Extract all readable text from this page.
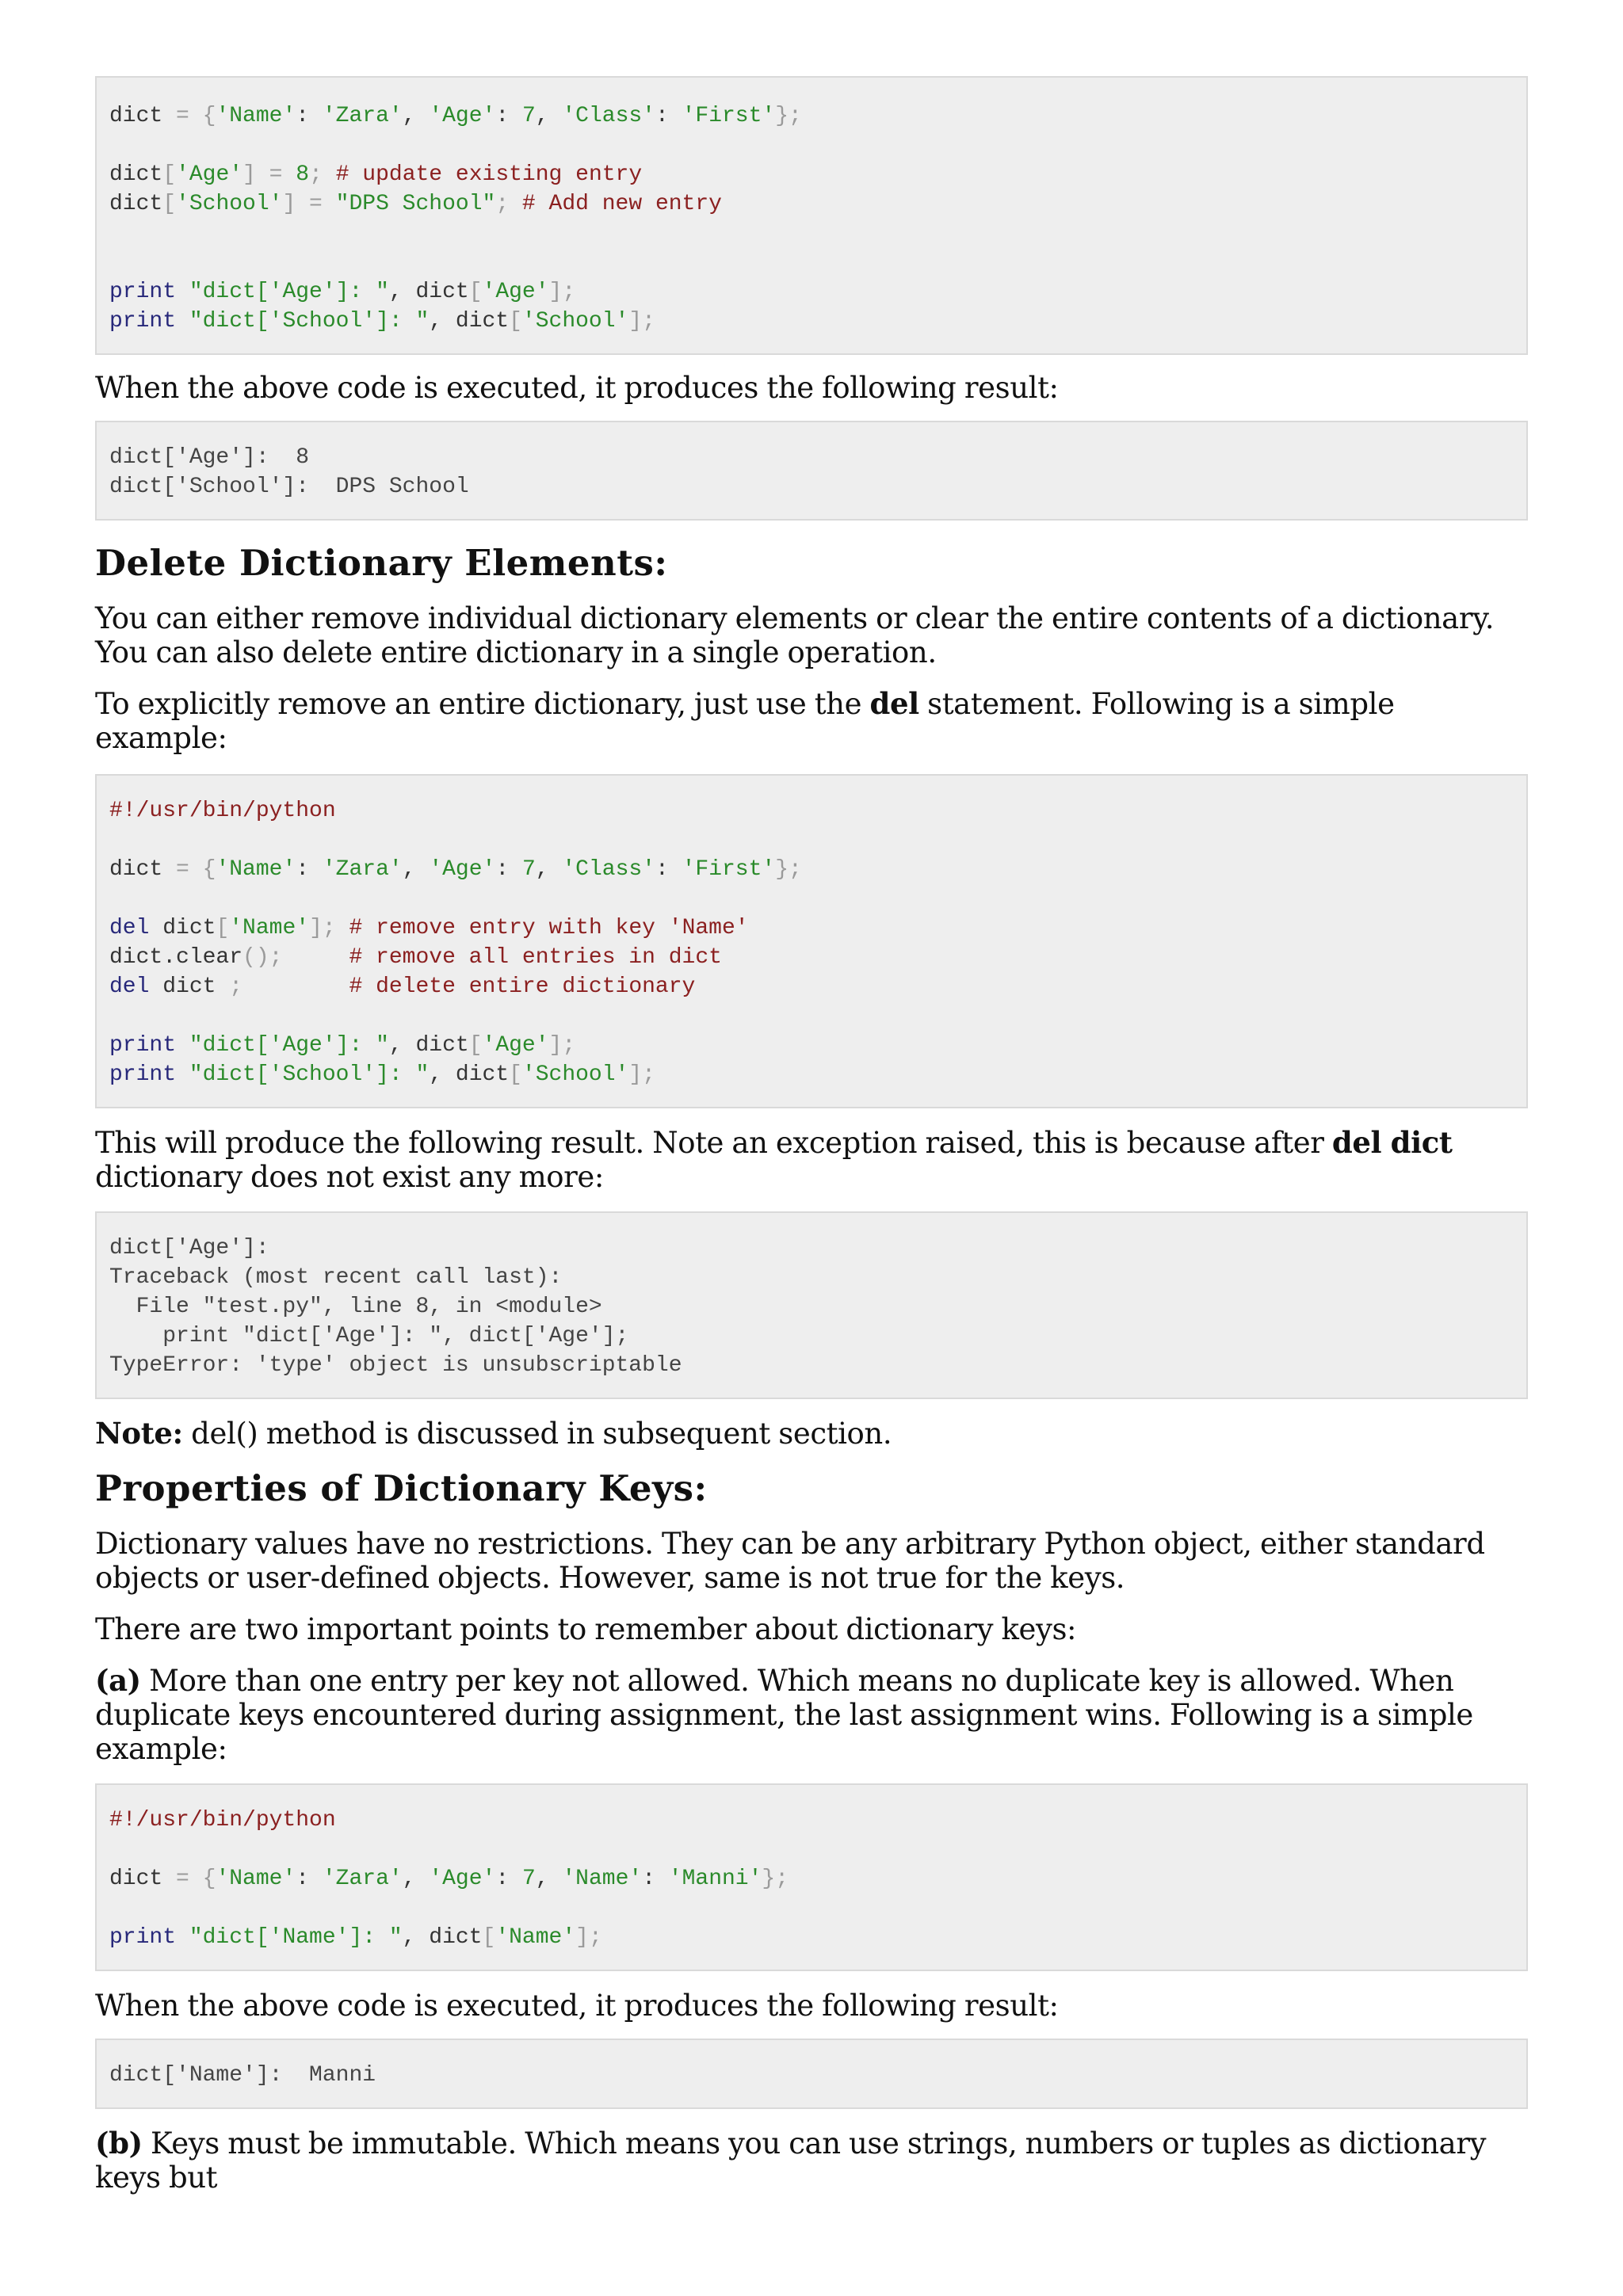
dict = {'Name': 'Zara', 'Age': 7, 'Class': 'First'};
dict['Age'] = 8; # update existing entry
dict['School'] = "DPS School"; # Add new entry
print "dict['Age']: ", dict['Age'];
print "dict['School']: ", dict['School'];

When the above code is executed, it produces the following result:

dict['Age']:  8
dict['School']:  DPS School
Delete Dictionary Elements:

You can either remove individual dictionary elements or clear the entire contents of a dictionary. You can also delete entire dictionary in a single operation.

To explicitly remove an entire dictionary, just use the del statement. Following is a simple example:

#!/usr/bin/python
dict = {'Name': 'Zara', 'Age': 7, 'Class': 'First'};
del dict['Name']; # remove entry with key 'Name'
dict.clear();     # remove all entries in dict
del dict ;        # delete entire dictionary
print "dict['Age']: ", dict['Age'];
print "dict['School']: ", dict['School'];

This will produce the following result. Note an exception raised, this is because after del dict dictionary does not exist any more:

dict['Age']:
Traceback (most recent call last):
File "test.py", line 8, in <module>
print "dict['Age']: ", dict['Age'];
TypeError: 'type' object is unsubscriptable

Note: del() method is discussed in subsequent section.

Properties of Dictionary Keys:

Dictionary values have no restrictions. They can be any arbitrary Python object, either standard objects or user-defined objects. However, same is not true for the keys.

There are two important points to remember about dictionary keys:

(a) More than one entry per key not allowed. Which means no duplicate key is allowed. When duplicate keys encountered during assignment, the last assignment wins. Following is a simple example:

#!/usr/bin/python
dict = {'Name': 'Zara', 'Age': 7, 'Name': 'Manni'};
print "dict['Name']: ", dict['Name'];

When the above code is executed, it produces the following result:

dict['Name']:  Manni

(b) Keys must be immutable. Which means you can use strings, numbers or tuples as dictionary keys but
